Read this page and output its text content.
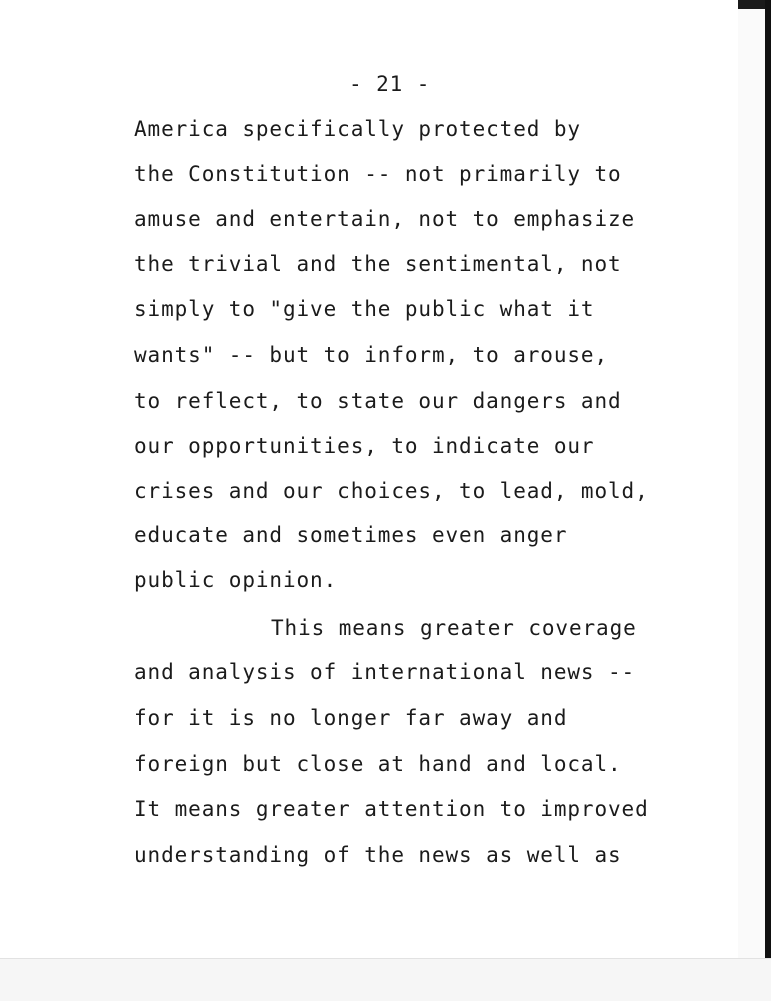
- 21 -
America specifically protected by
the Constitution -- not primarily to
amuse and entertain, not to emphasize
the trivial and the sentimental, not
simply to "give the public what it
wants" -- but to inform, to arouse,
to reflect, to state our dangers and
our opportunities, to indicate our
crises and our choices, to lead, mold,
educate and sometimes even anger
public opinion.
This means greater coverage
and analysis of international news --
for it is no longer far away and
foreign but close at hand and local.
It means greater attention to improved
understanding of the news as well as
